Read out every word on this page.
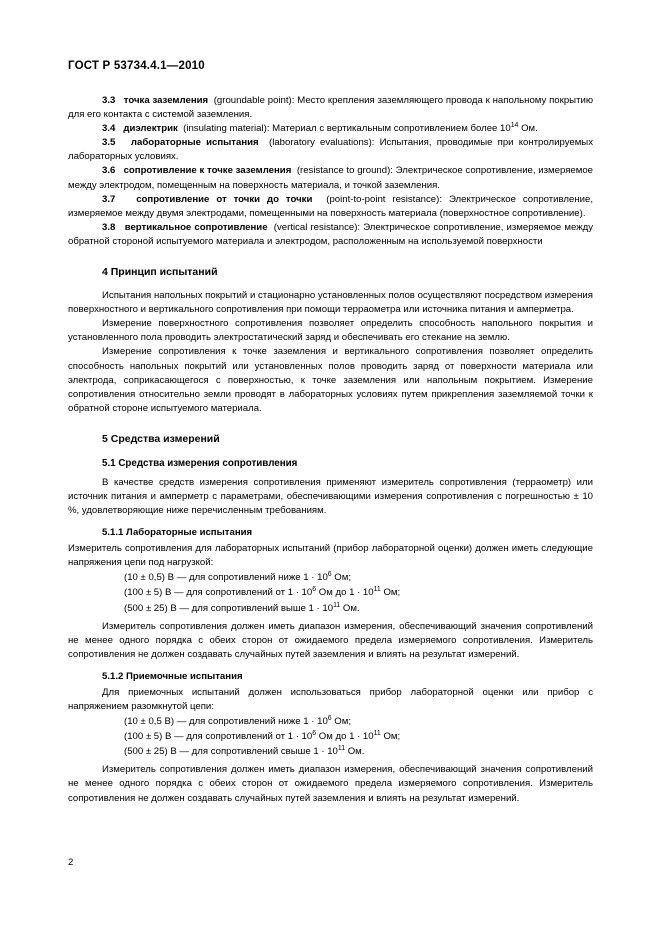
ГОСТ Р 53734.4.1—2010

3.3 точка заземления (groundable point): Место крепления заземляющего провода к напольному покрытию для его контакта с системой заземления.

3.4 диэлектрик (insulating material): Материал с вертикальным сопротивлением более $10^{14}$ Ом.

3.5 лабораторные испытания (laboratory evaluations): Испытания, проводимые при контролируемых лабораторных условиях.

3.6 сопротивление к точке заземления (resistance to ground): Электрическое сопротивление, измеряемое между электродом, помещенным на поверхность материала, и точкой заземления.

3.7 сопротивление от точки до точки (point-to-point resistance): Электрическое сопротивление, измеряемое между двумя электродами, помещенными на поверхность материала (поверхностное сопротивление).

3.8 вертикальное сопротивление (vertical resistance): Электрическое сопротивление, измеряемое между обратной стороной испытуемого материала и электродом, расположенным на используемой поверхности

4 Принцип испытаний

Испытания напольных покрытий и стационарно установленных полов осуществляют посредством измерения поверхностного и вертикального сопротивления при помощи терраометра или источника питания и амперметра.

Измерение поверхностного сопротивления позволяет определить способность напольного покрытия и установленного пола проводить электростатический заряд и обеспечивать его стекание на землю.

Измерение сопротивления к точке заземления и вертикального сопротивления позволяет определить способность напольных покрытий или установленных полов проводить заряд от поверхности материала или электрода, соприкасающегося с поверхностью, к точке заземления или напольным покрытием. Измерение сопротивления относительно земли проводят в лабораторных условиях путем прикрепления заземляемой точки к обратной стороне испытуемого материала.

5 Средства измерений
5.1 Средства измерения сопротивления

В качестве средств измерения сопротивления применяют измеритель сопротивления (терраометр) или источник питания и амперметр с параметрами, обеспечивающими измерения сопротивления с погрешностью ± 10 %, удовлетворяющие ниже перечисленным требованиям.

5.1.1 Лабораторные испытания

Измеритель сопротивления для лабораторных испытаний (прибор лабораторной оценки) должен иметь следующие напряжения цепи под нагрузкой:

(10 ± 0,5) В — для сопротивлений ниже $1 \cdot 10^6$ Ом;
(100 ± 5) В — для сопротивлений от $1 \cdot 10^6$ Ом до $1 \cdot 10^{11}$ Ом;
(500 ± 25) В — для сопротивлений выше $1 \cdot 10^{11}$ Ом.

Измеритель сопротивления должен иметь диапазон измерения, обеспечивающий значения сопротивлений не менее одного порядка с обеих сторон от ожидаемого предела измеряемого сопротивления. Измеритель сопротивления не должен создавать случайных путей заземления и влиять на результат измерений.

5.1.2 Приемочные испытания

Для приемочных испытаний должен использоваться прибор лабораторной оценки или прибор с напряжением разомкнутой цепи:

(10 ± 0,5 В) — для сопротивлений ниже $1 \cdot 10^6$ Ом;
(100 ± 5) В — для сопротивлений от $1 \cdot 10^6$ Ом до $1 \cdot 10^{11}$ Ом;
(500 ± 25) В — для сопротивлений свыше $1 \cdot 10^{11}$ Ом.

Измеритель сопротивления должен иметь диапазон измерения, обеспечивающий значения сопротивлений не менее одного порядка с обеих сторон от ожидаемого предела измеряемого сопротивления. Измеритель сопротивления не должен создавать случайных путей заземления и влиять на результат измерений.

2
